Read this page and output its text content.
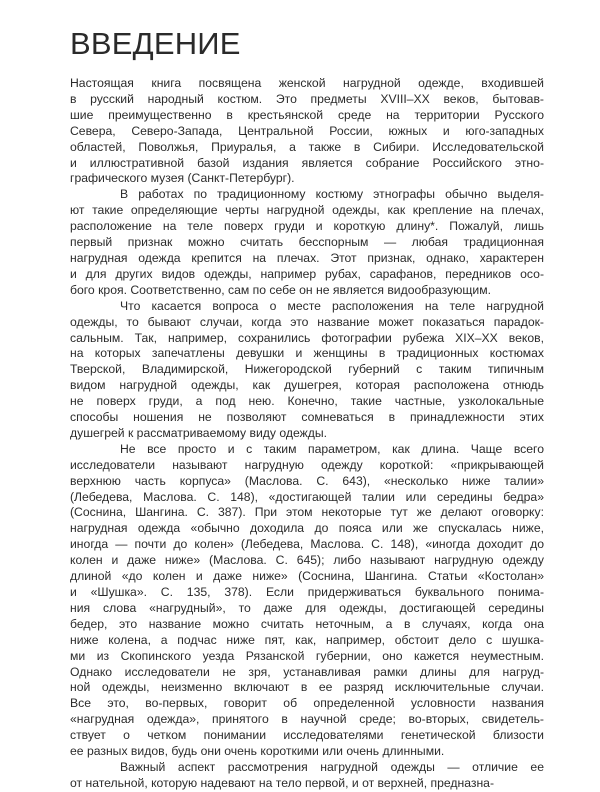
ВВЕДЕНИЕ

Настоящая книга посвящена женской нагрудной одежде, входившей
в русский народный костюм. Это предметы XVIII–XX веков, бытовав-
шие преимущественно в крестьянской среде на территории Русского
Севера, Северо-Запада, Центральной России, южных и юго-западных
областей, Поволжья, Приуралья, а также в Сибири. Исследовательской
и иллюстративной базой издания является собрание Российского этно-
графического музея (Санкт-Петербург).

В работах по традиционному костюму этнографы обычно выделя-
ют такие определяющие черты нагрудной одежды, как крепление на плечах,
расположение на теле поверх груди и короткую длину*. Пожалуй, лишь
первый признак можно считать бесспорным — любая традиционная
нагрудная одежда крепится на плечах. Этот признак, однако, характерен
и для других видов одежды, например рубах, сарафанов, передников осо-
бого кроя. Соответственно, сам по себе он не является видообразующим.

Что касается вопроса о месте расположения на теле нагрудной
одежды, то бывают случаи, когда это название может показаться парадок-
сальным. Так, например, сохранились фотографии рубежа XIX–XX веков,
на которых запечатлены девушки и женщины в традиционных костюмах
Тверской, Владимирской, Нижегородской губерний с таким типичным
видом нагрудной одежды, как душегрея, которая расположена отнюдь
не поверх груди, а под нею. Конечно, такие частные, узколокальные
способы ношения не позволяют сомневаться в принадлежности этих
душегрей к рассматриваемому виду одежды.

Не все просто и с таким параметром, как длина. Чаще всего
исследователи называют нагрудную одежду короткой: «прикрывающей
верхнюю часть корпуса» (Маслова. С. 643), «несколько ниже талии»
(Лебедева, Маслова. С. 148), «достигающей талии или середины бедра»
(Соснина, Шангина. С. 387). При этом некоторые тут же делают оговорку:
нагрудная одежда «обычно доходила до пояса или же спускалась ниже,
иногда — почти до колен» (Лебедева, Маслова. С. 148), «иногда доходит до
колен и даже ниже» (Маслова. С. 645); либо называют нагрудную одежду
длиной «до колен и даже ниже» (Соснина, Шангина. Статьи «Костолан»
и «Шушка». С. 135, 378). Если придерживаться буквального понима-
ния слова «нагрудный», то даже для одежды, достигающей середины
бедер, это название можно считать неточным, а в случаях, когда она
ниже колена, а подчас ниже пят, как, например, обстоит дело с шушка-
ми из Скопинского уезда Рязанской губернии, оно кажется неуместным.
Однако исследователи не зря, устанавливая рамки длины для нагруд-
ной одежды, неизменно включают в ее разряд исключительные случаи.
Все это, во-первых, говорит об определенной условности названия
«нагрудная одежда», принятого в научной среде; во-вторых, свидетель-
ствует о четком понимании исследователями генетической близости
ее разных видов, будь они очень короткими или очень длинными.

Важный аспект рассмотрения нагрудной одежды — отличие ее
от нательной, которую надевают на тело первой, и от верхней, предназна-
